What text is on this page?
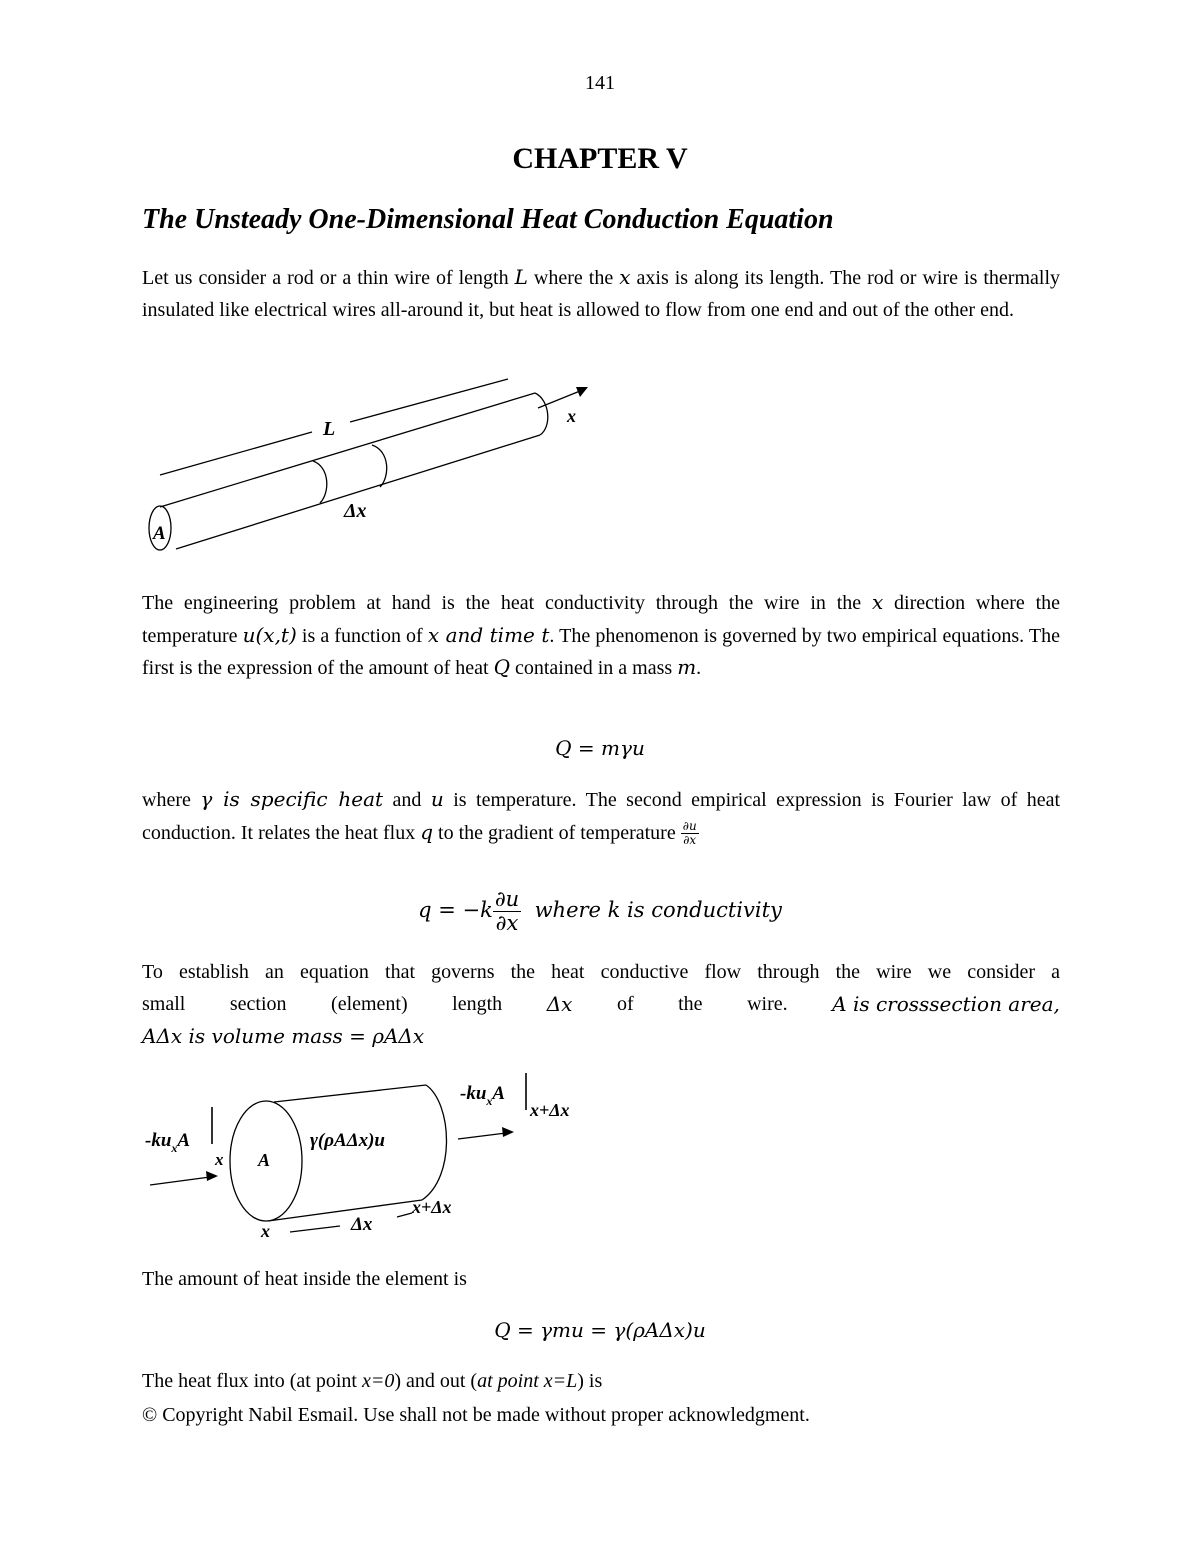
141
CHAPTER V
The Unsteady One-Dimensional Heat Conduction Equation
Let us consider a rod or a thin wire of length L where the x axis is along its length. The rod or wire is thermally insulated like electrical wires all-around it, but heat is allowed to flow from one end and out of the other end.
L
x
Δx
A
The engineering problem at hand is the heat conductivity through the wire in the x direction where the temperature u(x,t) is a function of x and time t. The phenomenon is governed by two empirical equations. The first is the expression of the amount of heat Q contained in a mass m.
Q = mγu
where γ is specific heat and u is temperature. The second empirical expression is Fourier law of heat conduction. It relates the heat flux q to the gradient of temperature $\frac{\partial u}{\partial x}$
$q = -k \frac{\partial u}{\partial x}$ where k is conductivity
To establish an equation that governs the heat conductive flow through the wire we consider a
small section (element) length Δx of the wire. A is crosssection area,
AΔx is volume mass = ρAΔx
$-ku_xA$
x A
γ(ρAΔx)u
$-ku_xA$
x+Δx
x	Δx
x+Δx
The amount of heat inside the element is
Q = γmu = γ(ρAΔx)u
The heat flux into (at point x=0) and out (at point x=L) is
© Copyright Nabil Esmail. Use shall not be made without proper acknowledgment.
